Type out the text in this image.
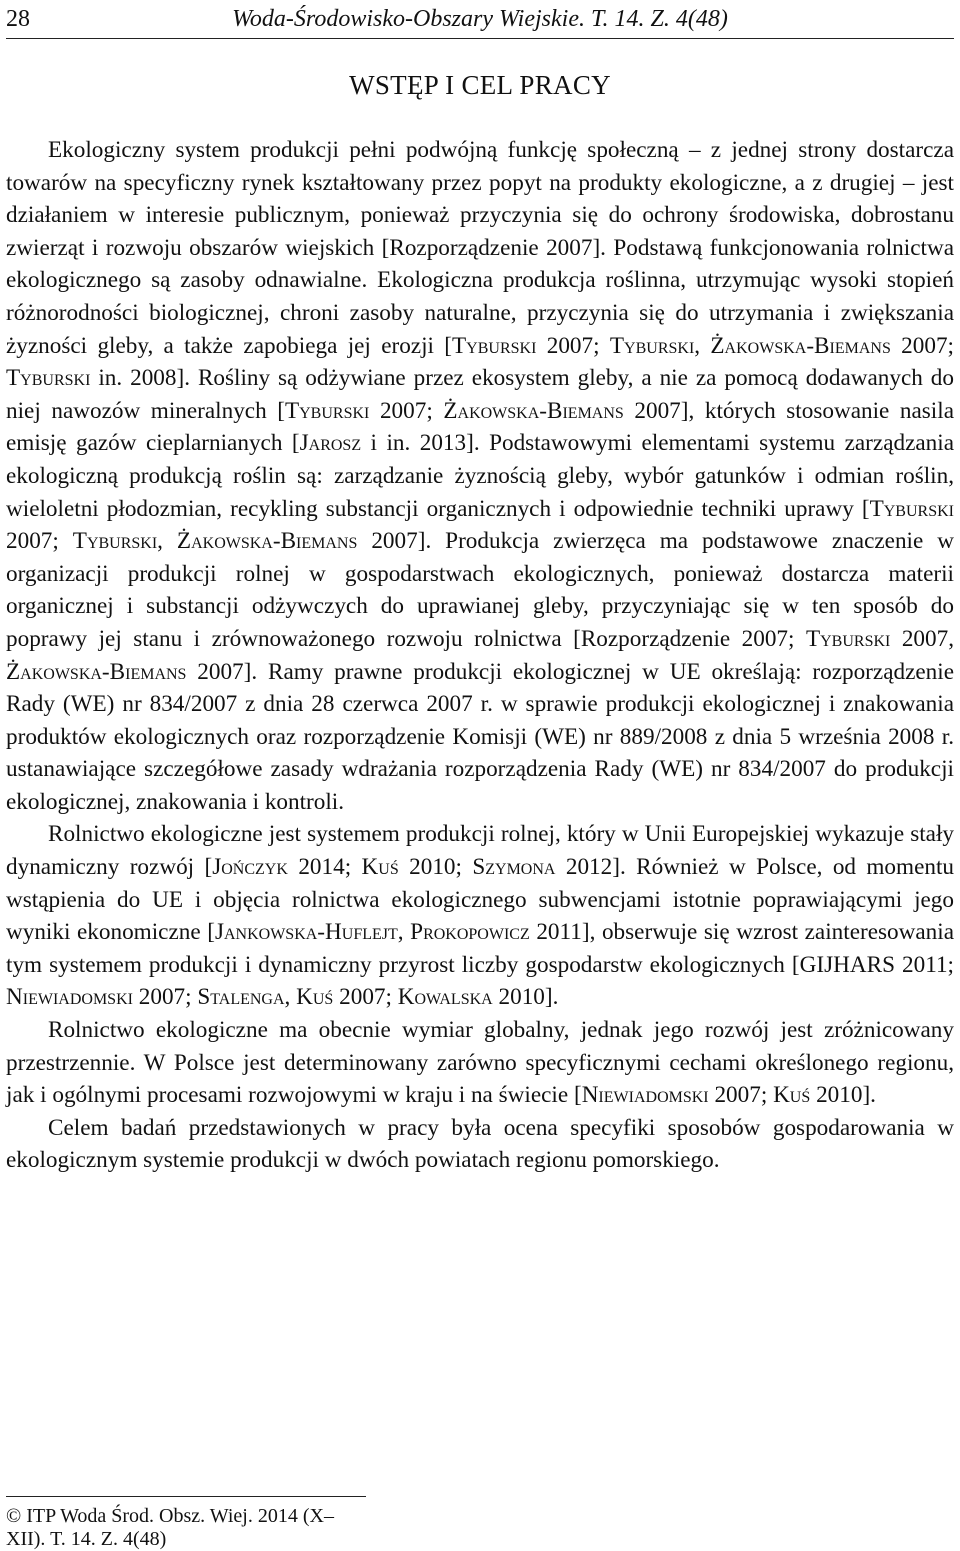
28	Woda-Środowisko-Obszary Wiejskie. T. 14. Z. 4(48)
WSTĘP I CEL PRACY

Ekologiczny system produkcji pełni podwójną funkcję społeczną – z jednej strony dostarcza towarów na specyficzny rynek kształtowany przez popyt na produkty ekologiczne, a z drugiej – jest działaniem w interesie publicznym, ponieważ przyczynia się do ochrony środowiska, dobrostanu zwierząt i rozwoju obszarów wiejskich [Rozporządzenie 2007]. Podstawą funkcjonowania rolnictwa ekologicznego są zasoby odnawialne. Ekologiczna produkcja roślinna, utrzymując wysoki stopień różnorodności biologicznej, chroni zasoby naturalne, przyczynia się do utrzymania i zwiększania żyzności gleby, a także zapobiega jej erozji [Tyburski 2007; Tyburski, Żakowska-Biemans 2007; Tyburski in. 2008]. Rośliny są odżywiane przez ekosystem gleby, a nie za pomocą dodawanych do niej nawozów mineralnych [Tyburski 2007; Żakowska-Biemans 2007], których stosowanie nasila emisję gazów cieplarnianych [Jarosz i in. 2013]. Podstawowymi elementami systemu zarządzania ekologiczną produkcją roślin są: zarządzanie żyznością gleby, wybór gatunków i odmian roślin, wieloletni płodozmian, recykling substancji organicznych i odpowiednie techniki uprawy [Tyburski 2007; Tyburski, Żakowska-Biemans 2007]. Produkcja zwierzęca ma podstawowe znaczenie w organizacji produkcji rolnej w gospodarstwach ekologicznych, ponieważ dostarcza materii organicznej i substancji odżywczych do uprawianej gleby, przyczyniając się w ten sposób do poprawy jej stanu i zrównoważonego rozwoju rolnictwa [Rozporządzenie 2007; Tyburski 2007, Żakowska-Biemans 2007]. Ramy prawne produkcji ekologicznej w UE określają: rozporządzenie Rady (WE) nr 834/2007 z dnia 28 czerwca 2007 r. w sprawie produkcji ekologicznej i znakowania produktów ekologicznych oraz rozporządzenie Komisji (WE) nr 889/2008 z dnia 5 września 2008 r. ustanawiające szczegółowe zasady wdrażania rozporządzenia Rady (WE) nr 834/2007 do produkcji ekologicznej, znakowania i kontroli.

Rolnictwo ekologiczne jest systemem produkcji rolnej, który w Unii Europejskiej wykazuje stały dynamiczny rozwój [Jończyk 2014; Kuś 2010; Szymona 2012]. Również w Polsce, od momentu wstąpienia do UE i objęcia rolnictwa ekologicznego subwencjami istotnie poprawiającymi jego wyniki ekonomiczne [Jankowska-Huflejt, Prokopowicz 2011], obserwuje się wzrost zainteresowania tym systemem produkcji i dynamiczny przyrost liczby gospodarstw ekologicznych [GIJHARS 2011; Niewiadomski 2007; Stalenga, Kuś 2007; Kowalska 2010].

Rolnictwo ekologiczne ma obecnie wymiar globalny, jednak jego rozwój jest zróżnicowany przestrzennie. W Polsce jest determinowany zarówno specyficznymi cechami określonego regionu, jak i ogólnymi procesami rozwojowymi w kraju i na świecie [Niewiadomski 2007; Kuś 2010].

Celem badań przedstawionych w pracy była ocena specyfiki sposobów gospodarowania w ekologicznym systemie produkcji w dwóch powiatach regionu pomorskiego.

© ITP Woda Środ. Obsz. Wiej. 2014 (X–XII). T. 14. Z. 4(48)
